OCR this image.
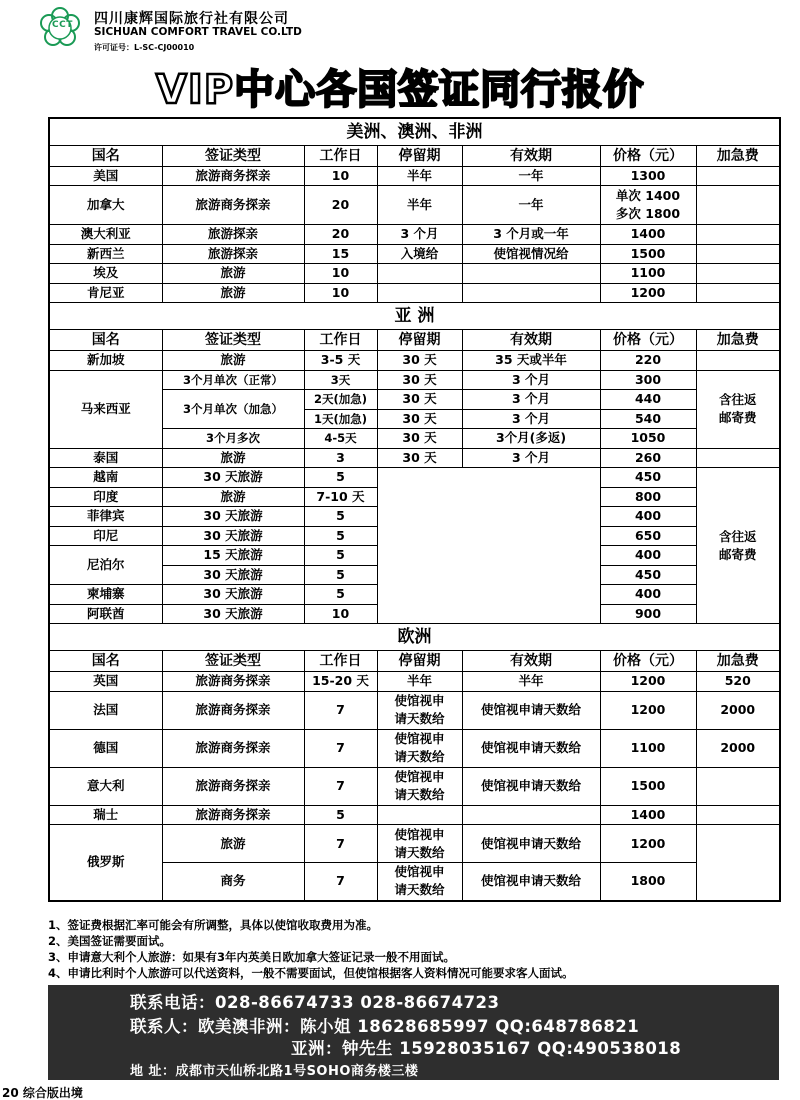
CCT 四川康辉国际旅行社有限公司
SICHUAN COMFORT TRAVEL CO.LTD
许可证号：L-SC-CJ00010
VIP中心各国签证同行报价
美洲、澳洲、非洲						
国名	签证类型	工作日	停留期	有效期	价格（元）	加急费
美国	旅游商务探亲	10	半年	一年	1300	
加拿大	旅游商务探亲	20	半年	一年	单次 1400
多次 1800	

澳大利亚	旅游探亲	20	3 个月	3 个月或一年	1400	
新西兰	旅游探亲	15	入境给	使馆视情况给	1500	
埃及	旅游	10			1100	
肯尼亚	旅游	10			1200	
亚 洲						
国名	签证类型	工作日	停留期	有效期	价格（元）	加急费
新加坡	旅游	3-5 天	30 天	35 天或半年	220	
马来西亚	3个月单次（正常）	3天	30 天	3 个月	300	含往返
邮寄费

	3个月单次（加急）	2天(加急)	30 天	3 个月	440	
		1天(加急)	30 天	3 个月	540	
	3个月多次	4-5天	30 天	3个月(多返)	1050	
泰国	旅游	3	30 天	3 个月	260	
越南	30 天旅游	5			450	含往返
邮寄费

印度	旅游	7-10 天			800	
菲律宾	30 天旅游	5			400	
印尼	30 天旅游	5			650	
尼泊尔	15 天旅游	5			400	
	30 天旅游	5			450	
柬埔寨	30 天旅游	5			400	
阿联酋	30 天旅游	10			900	
欧洲						
国名	签证类型	工作日	停留期	有效期	价格（元）	加急费
英国	旅游商务探亲	15-20 天	半年	半年	1200	520
法国	旅游商务探亲	7	使馆视申
请天数给	使馆视申请天数给	1200	2000
德国	旅游商务探亲	7	使馆视申
请天数给	使馆视申请天数给	1100	2000
意大利	旅游商务探亲	7	使馆视申
请天数给	使馆视申请天数给	1500	
瑞士	旅游商务探亲	5			1400	
俄罗斯	旅游	7	使馆视申
请天数给	使馆视申请天数给	1200	
	商务	7	使馆视申
请天数给	使馆视申请天数给	1800	
1、签证费根据汇率可能会有所调整，具体以使馆收取费用为准。
2、美国签证需要面试。
3、申请意大利个人旅游：如果有3年内英美日欧加拿大签证记录一般不用面试。
4、申请比利时个人旅游可以代送资料，一般不需要面试，但使馆根据客人资料情况可能要求客人面试。
联系电话：028-86674733 028-86674723
联系人：欧美澳非洲：陈小姐 18628685997 QQ:648786821
亚洲：钟先生 15928035167 QQ:490538018
地 址：成都市天仙桥北路1号SOHO商务楼三楼
20 综合版出境
